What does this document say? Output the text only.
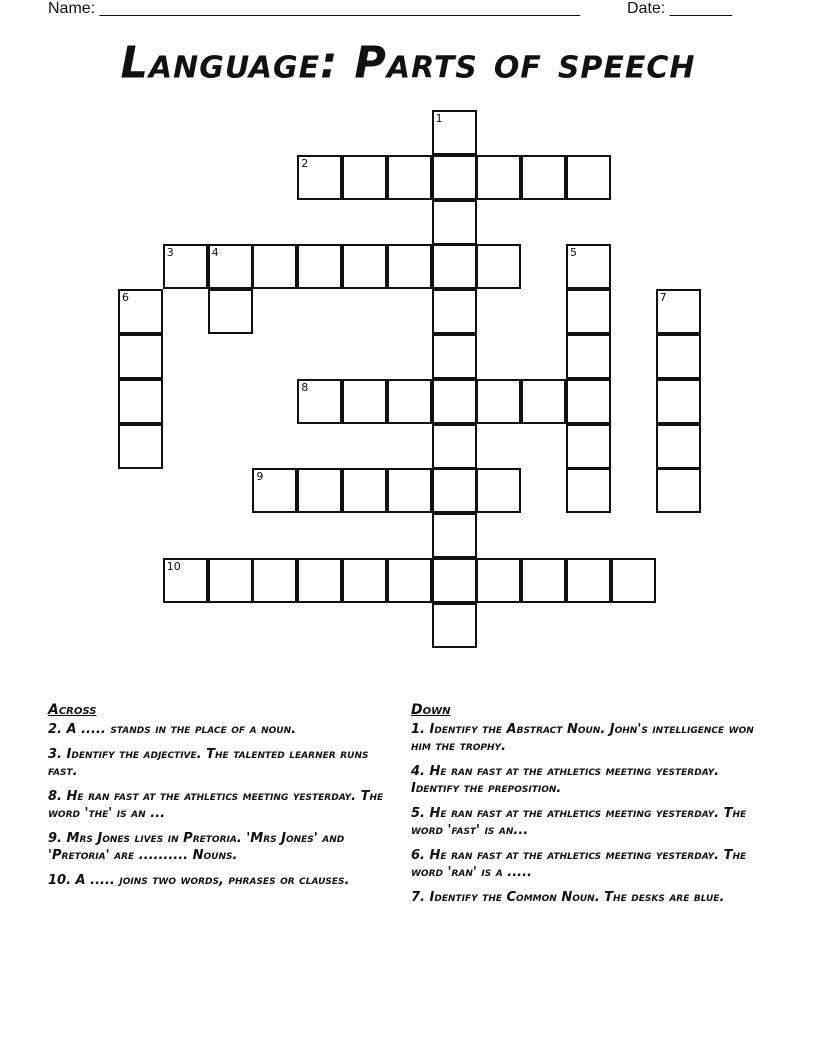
Name: ______________________________________________________	Date: _______
Language: Parts of speech
1
2
3	4	5
6	7
8
9
10
Across
2. A ..... stands in the place of a noun.
3. Identify the adjective. The talented learner runs fast.
8. He ran fast at the athletics meeting yesterday. The word 'the' is an ...
9. Mrs Jones lives in Pretoria. 'Mrs Jones' and 'Pretoria' are .......... Nouns.
10. A ..... joins two words, phrases or clauses.
Down
1. Identify the Abstract Noun. John's intelligence won him the trophy.
4. He ran fast at the athletics meeting yesterday. Identify the preposition.
5. He ran fast at the athletics meeting yesterday. The word 'fast' is an...
6. He ran fast at the athletics meeting yesterday. The word 'ran' is a .....
7. Identify the Common Noun. The desks are blue.
